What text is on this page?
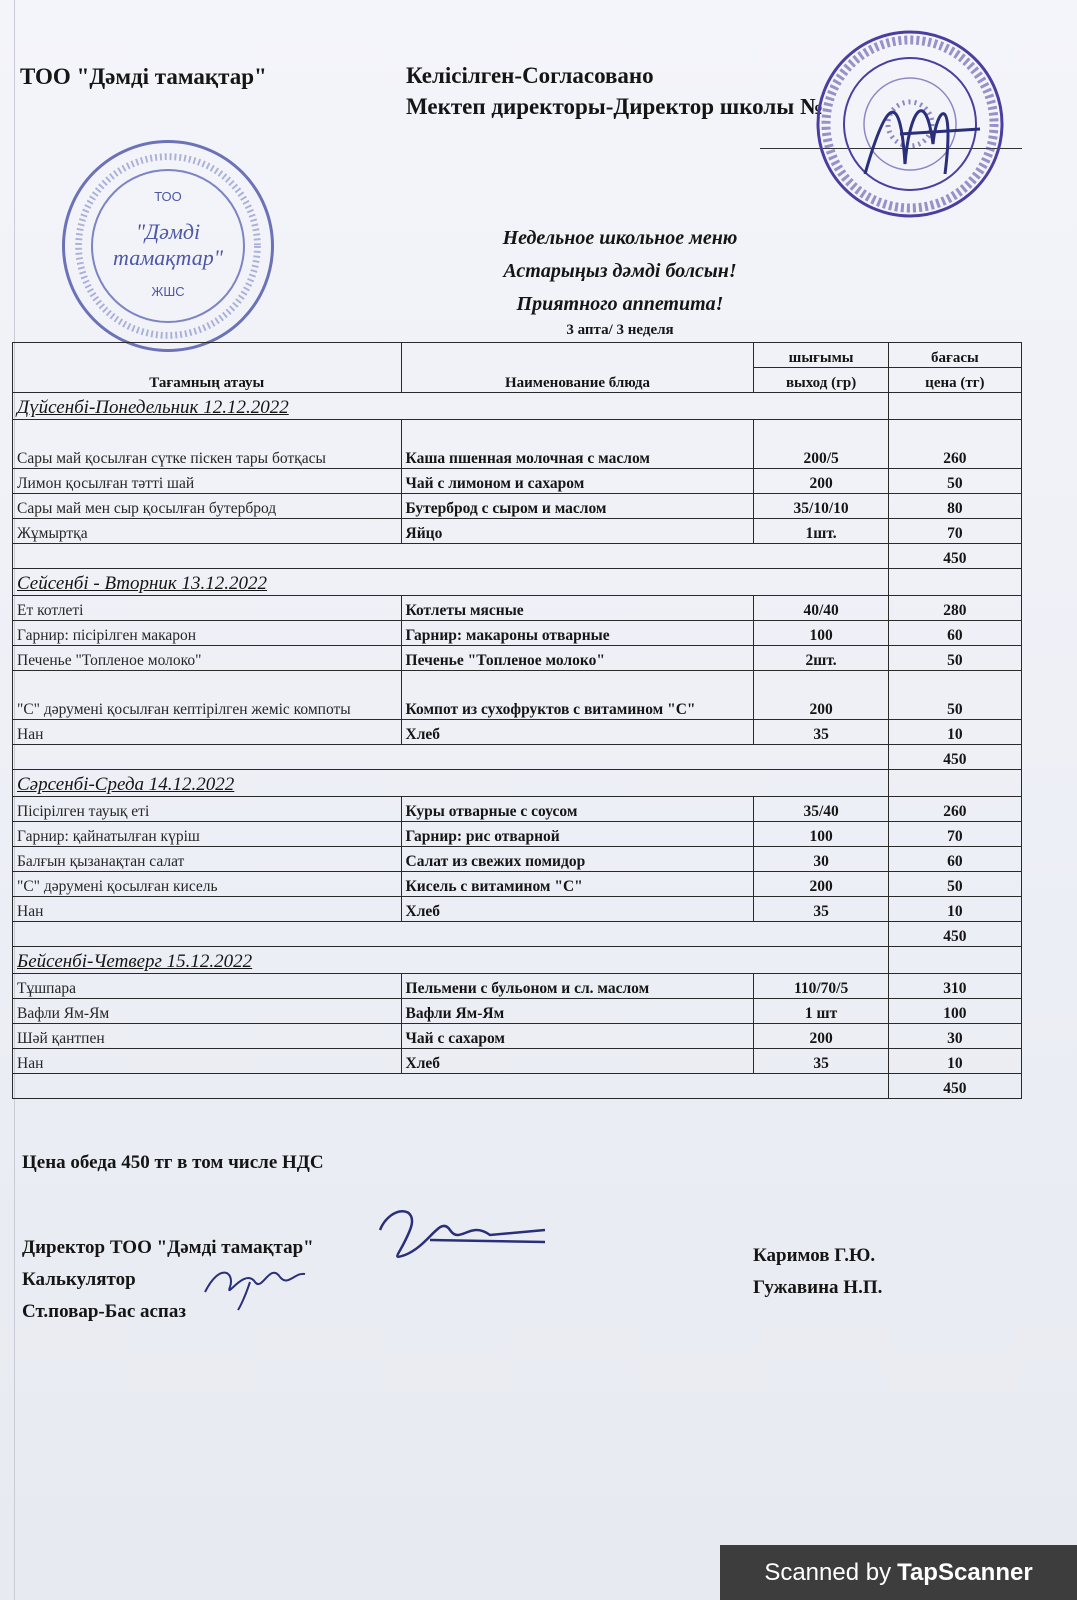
ТОО "Дәмді тамақтар"	Келісілген-Согласовано
Мектеп директоры-Директор школы №
ТОО
"Дәмді
тамақтар"
ЖШС
Недельное школьное меню
Астарыңыз дәмді болсын!
Приятного аппетита!
3 апта/ 3 неделя
Тағамның атауы	Наименование блюда	шығымы	бағасы
		выход (гр)	цена (тг)
Дүйсенбі-Понедельник 12.12.2022			
Сары май қосылған сүтке піскен тары ботқасы	Каша пшенная молочная с маслом	200/5	260
Лимон қосылған тәтті шай	Чай с лимоном и сахаром	200	50
Сары май мен сыр қосылған бутерброд	Бутерброд с сыром и маслом	35/10/10	80
Жұмыртқа	Яйцо	1шт.	70
			450
Сейсенбі - Вторник 13.12.2022			
Ет котлеті	Котлеты мясные	40/40	280
Гарнир: пісірілген макарон	Гарнир: макароны отварные	100	60
Печенье "Топленое молоко"	Печенье "Топленое молоко"	2шт.	50
"С" дәрумені қосылған кептірілген жеміс компоты	Компот из сухофруктов с витамином "С"	200	50
Нан	Хлеб	35	10
			450
Сәрсенбі-Среда 14.12.2022			
Пісірілген тауық еті	Куры отварные с соусом	35/40	260
Гарнир: қайнатылған күріш	Гарнир: рис отварной	100	70
Балғын қызанақтан салат	Салат из свежих помидор	30	60
"С" дәрумені қосылған кисель	Кисель с витамином "С"	200	50
Нан	Хлеб	35	10
			450
Бейсенбі-Четверг 15.12.2022			
Тұшпара	Пельмени с бульоном и сл. маслом	110/70/5	310
Вафли Ям-Ям	Вафли Ям-Ям	1 шт	100
Шәй қантпен	Чай с сахаром	200	30
Нан	Хлеб	35	10
			450
Цена обеда 450 тг в том числе НДС
Директор ТОО "Дәмді тамақтар"
Калькулятор
Ст.повар-Бас аспаз
Каримов Г.Ю.
Гужавина Н.П.
Scanned by TapScanner
